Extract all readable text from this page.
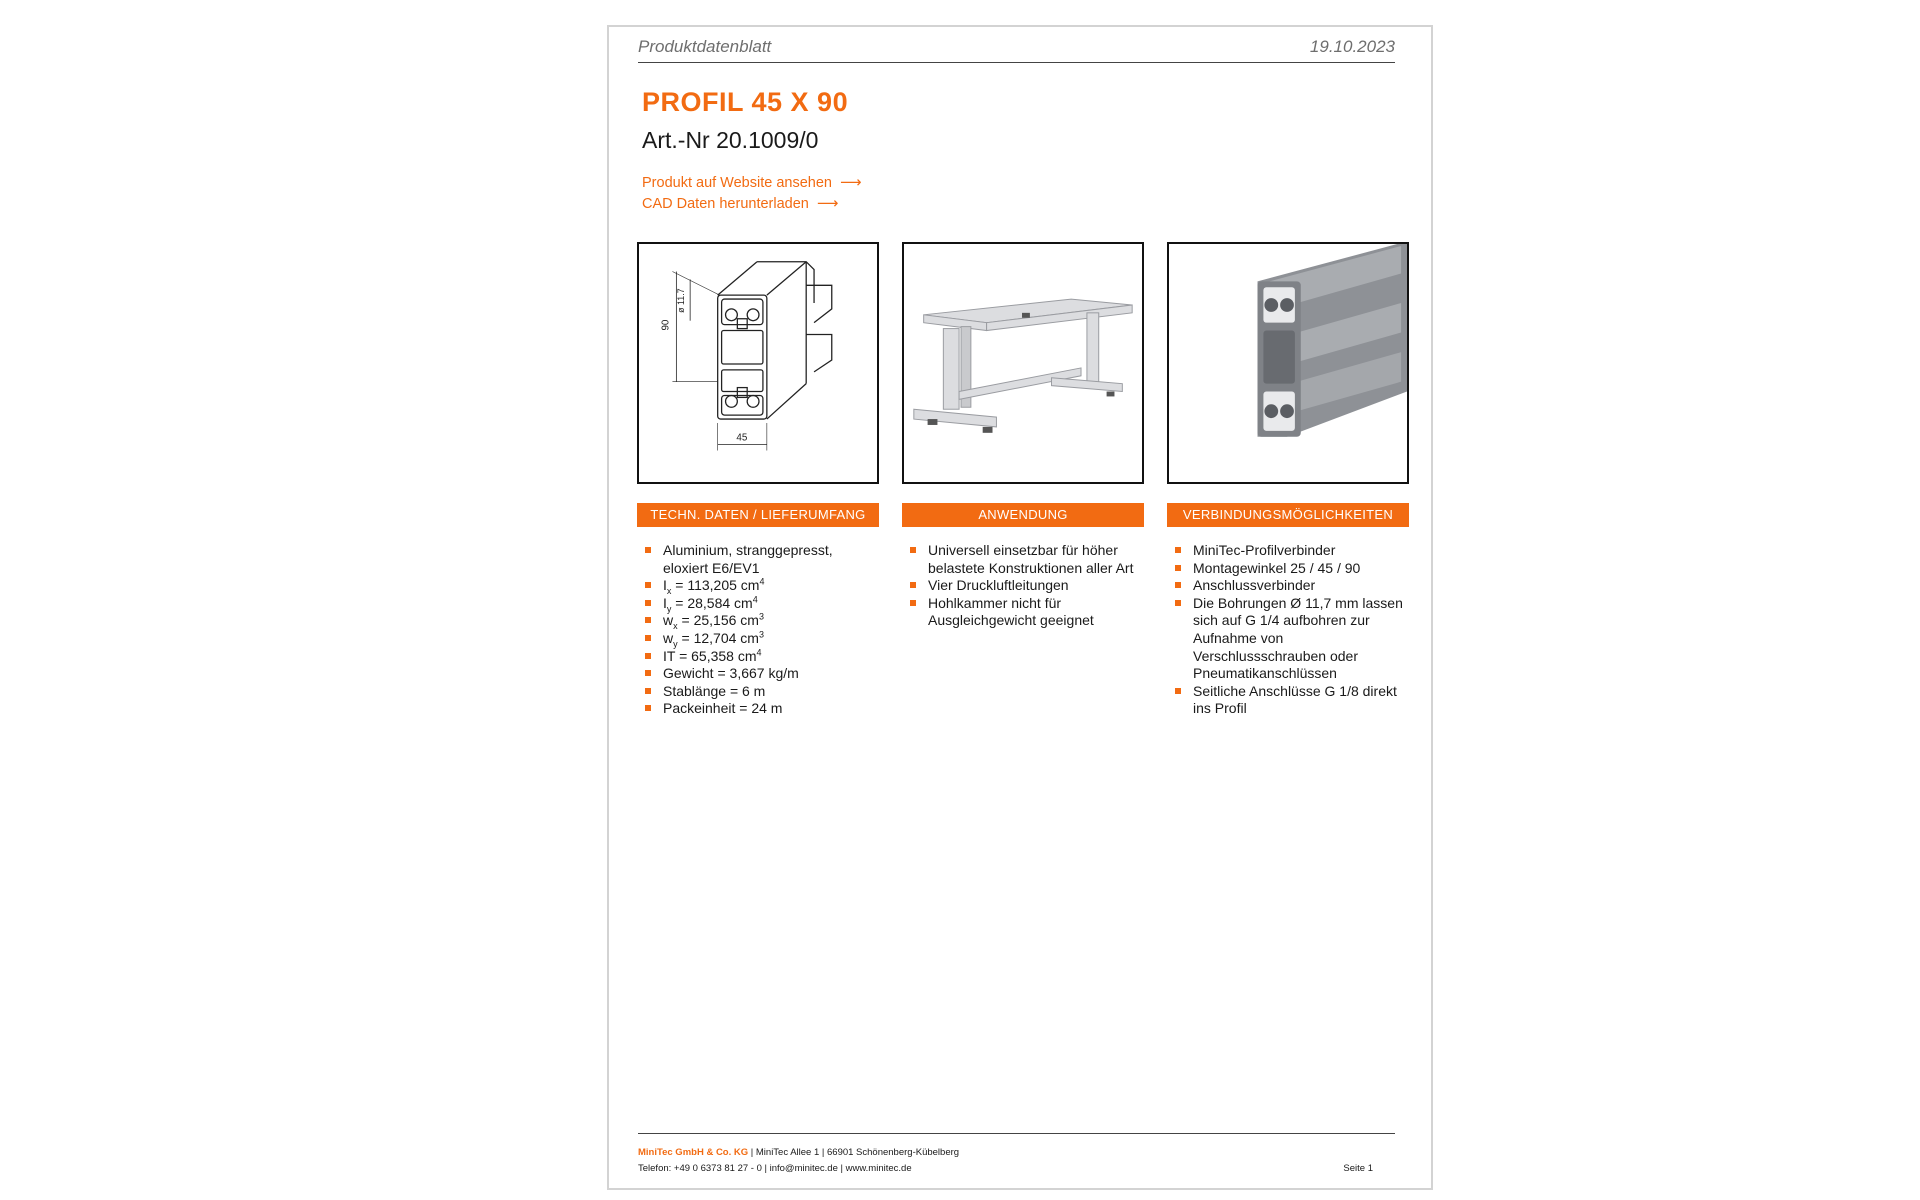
Produktdatenblatt	19.10.2023
PROFIL 45 X 90
Art.-Nr 20.1009/0
Produkt auf Website ansehen ⟶
CAD Daten herunterladen ⟶
90
ø 11.7
45
TECHN. DATEN / LIEFERUMFANG	ANWENDUNG	VERBINDUNGSMÖGLICHKEITEN
Aluminium, stranggepresst, eloxiert E6/EV1
$I_x = 113,205$ $cm^4$
$I_y = 28,584$ $cm^4$
$w_x = 25,156$ $cm^3$
$w_y = 12,704$ $cm^3$
IT = 65,358 $cm^4$
Gewicht = 3,667 kg/m
Stablänge = 6 m
Packeinheit = 24 m
Universell einsetzbar für höher belastete Konstruktionen aller Art
Vier Druckluftleitungen
Hohlkammer nicht für Ausgleichgewicht geeignet
MiniTec-Profilverbinder
Montagewinkel 25 / 45 / 90
Anschlussverbinder
Die Bohrungen Ø 11,7 mm lassen sich auf G 1/4 aufbohren zur Aufnahme von Verschlussschrauben oder Pneumatikanschlüssen
Seitliche Anschlüsse G 1/8 direkt ins Profil
MiniTec GmbH & Co. KG | MiniTec Allee 1 | 66901 Schönenberg-Kübelberg
Telefon: +49 0 6373 81 27 - 0 | info@minitec.de | www.minitec.de	Seite 1
